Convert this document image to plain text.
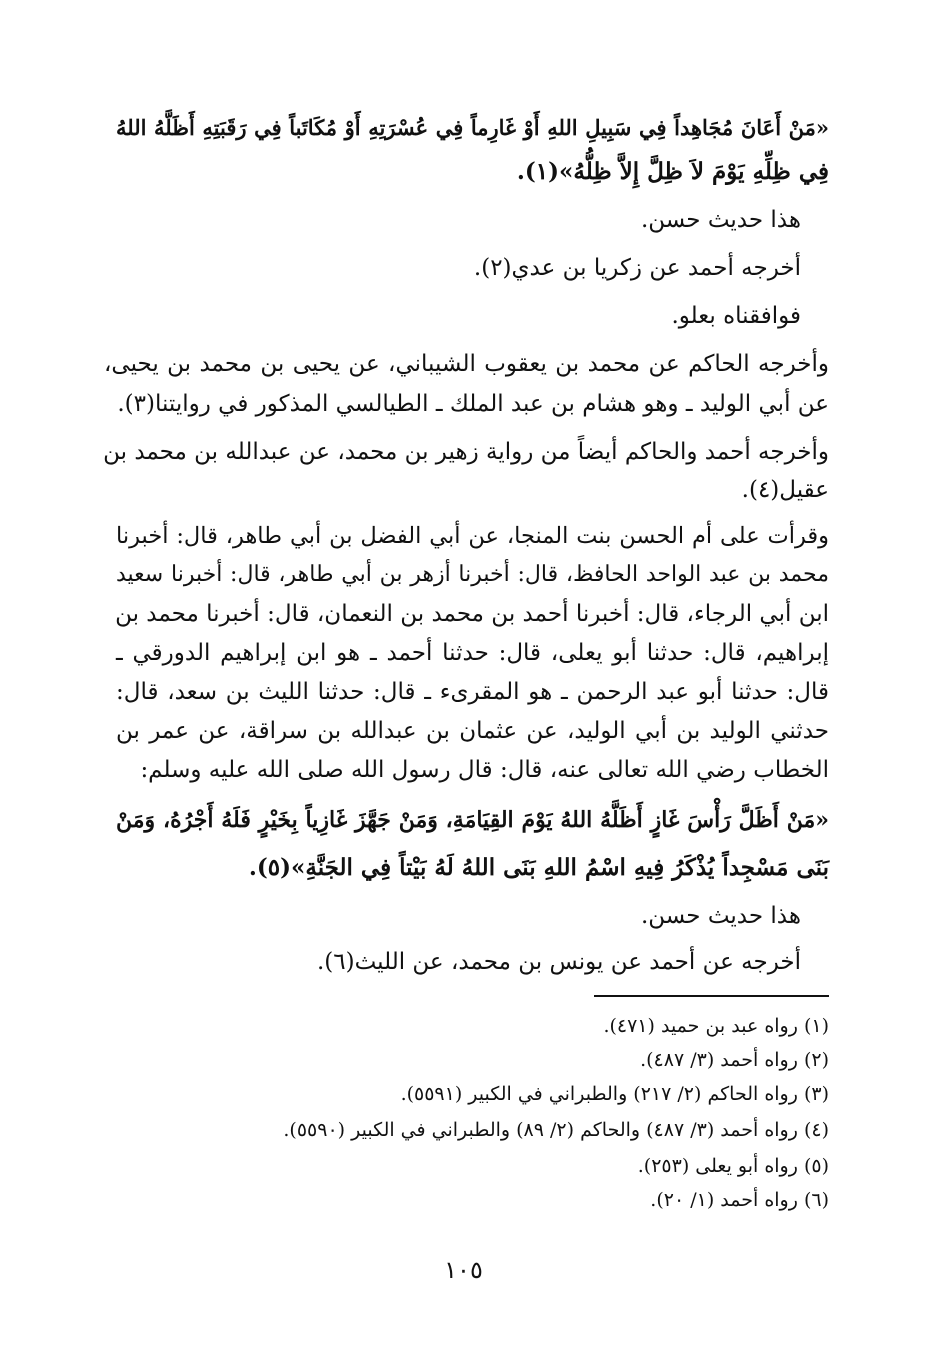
«مَنْ أَعَانَ مُجَاهِداً فِي سَبِيلِ اللهِ أَوْ غَارِماً فِي عُسْرَتِهِ أَوْ مُكَاتَباً فِي رَقَبَتِهِ أَظَلَّهُ اللهُ
فِي ظِلِّهِ يَوْمَ لاَ ظِلَّ إِلاَّ ظِلُّهُ»(١).
هذا حديث حسن.
أخرجه أحمد عن زكريا بن عدي(٢).
فوافقناه بعلو.
وأخرجه الحاكم عن محمد بن يعقوب الشيباني، عن يحيى بن محمد بن يحيى،
عن أبي الوليد ـ وهو هشام بن عبد الملك ـ الطيالسي المذكور في روايتنا(٣).
وأخرجه أحمد والحاكم أيضاً من رواية زهير بن محمد، عن عبدالله بن محمد بن
عقيل(٤).
وقرأت على أم الحسن بنت المنجا، عن أبي الفضل بن أبي طاهر، قال: أخبرنا
محمد بن عبد الواحد الحافظ، قال: أخبرنا أزهر بن أبي طاهر، قال: أخبرنا سعيد
ابن أبي الرجاء، قال: أخبرنا أحمد بن محمد بن النعمان، قال: أخبرنا محمد بن
إبراهيم، قال: حدثنا أبو يعلى، قال: حدثنا أحمد ـ هو ابن إبراهيم الدورقي ـ
قال: حدثنا أبو عبد الرحمن ـ هو المقرىء ـ قال: حدثنا الليث بن سعد، قال:
حدثني الوليد بن أبي الوليد، عن عثمان بن عبدالله بن سراقة، عن عمر بن
الخطاب رضي الله تعالى عنه، قال: قال رسول الله صلى الله عليه وسلم:
«مَنْ أَظَلَّ رَأْسَ غَازٍ أَظَلَّهُ اللهُ يَوْمَ القِيَامَةِ، وَمَنْ جَهَّزَ غَازِياً بِخَيْرٍ فَلَهُ أَجْرُهُ، وَمَنْ
بَنَى مَسْجِداً يُذْكَرُ فِيهِ اسْمُ اللهِ بَنَى اللهُ لَهُ بَيْتاً فِي الجَنَّةِ»(٥).
هذا حديث حسن.
أخرجه عن أحمد عن يونس بن محمد، عن الليث(٦).
(١) رواه عبد بن حميد (٤٧١).
(٢) رواه أحمد (٣/ ٤٨٧).
(٣) رواه الحاكم (٢/ ٢١٧) والطبراني في الكبير (٥٥٩١).
(٤) رواه أحمد (٣/ ٤٨٧) والحاكم (٢/ ٨٩) والطبراني في الكبير (٥٥٩٠).
(٥) رواه أبو يعلى (٢٥٣).
(٦) رواه أحمد (١/ ٢٠).
١٠٥
